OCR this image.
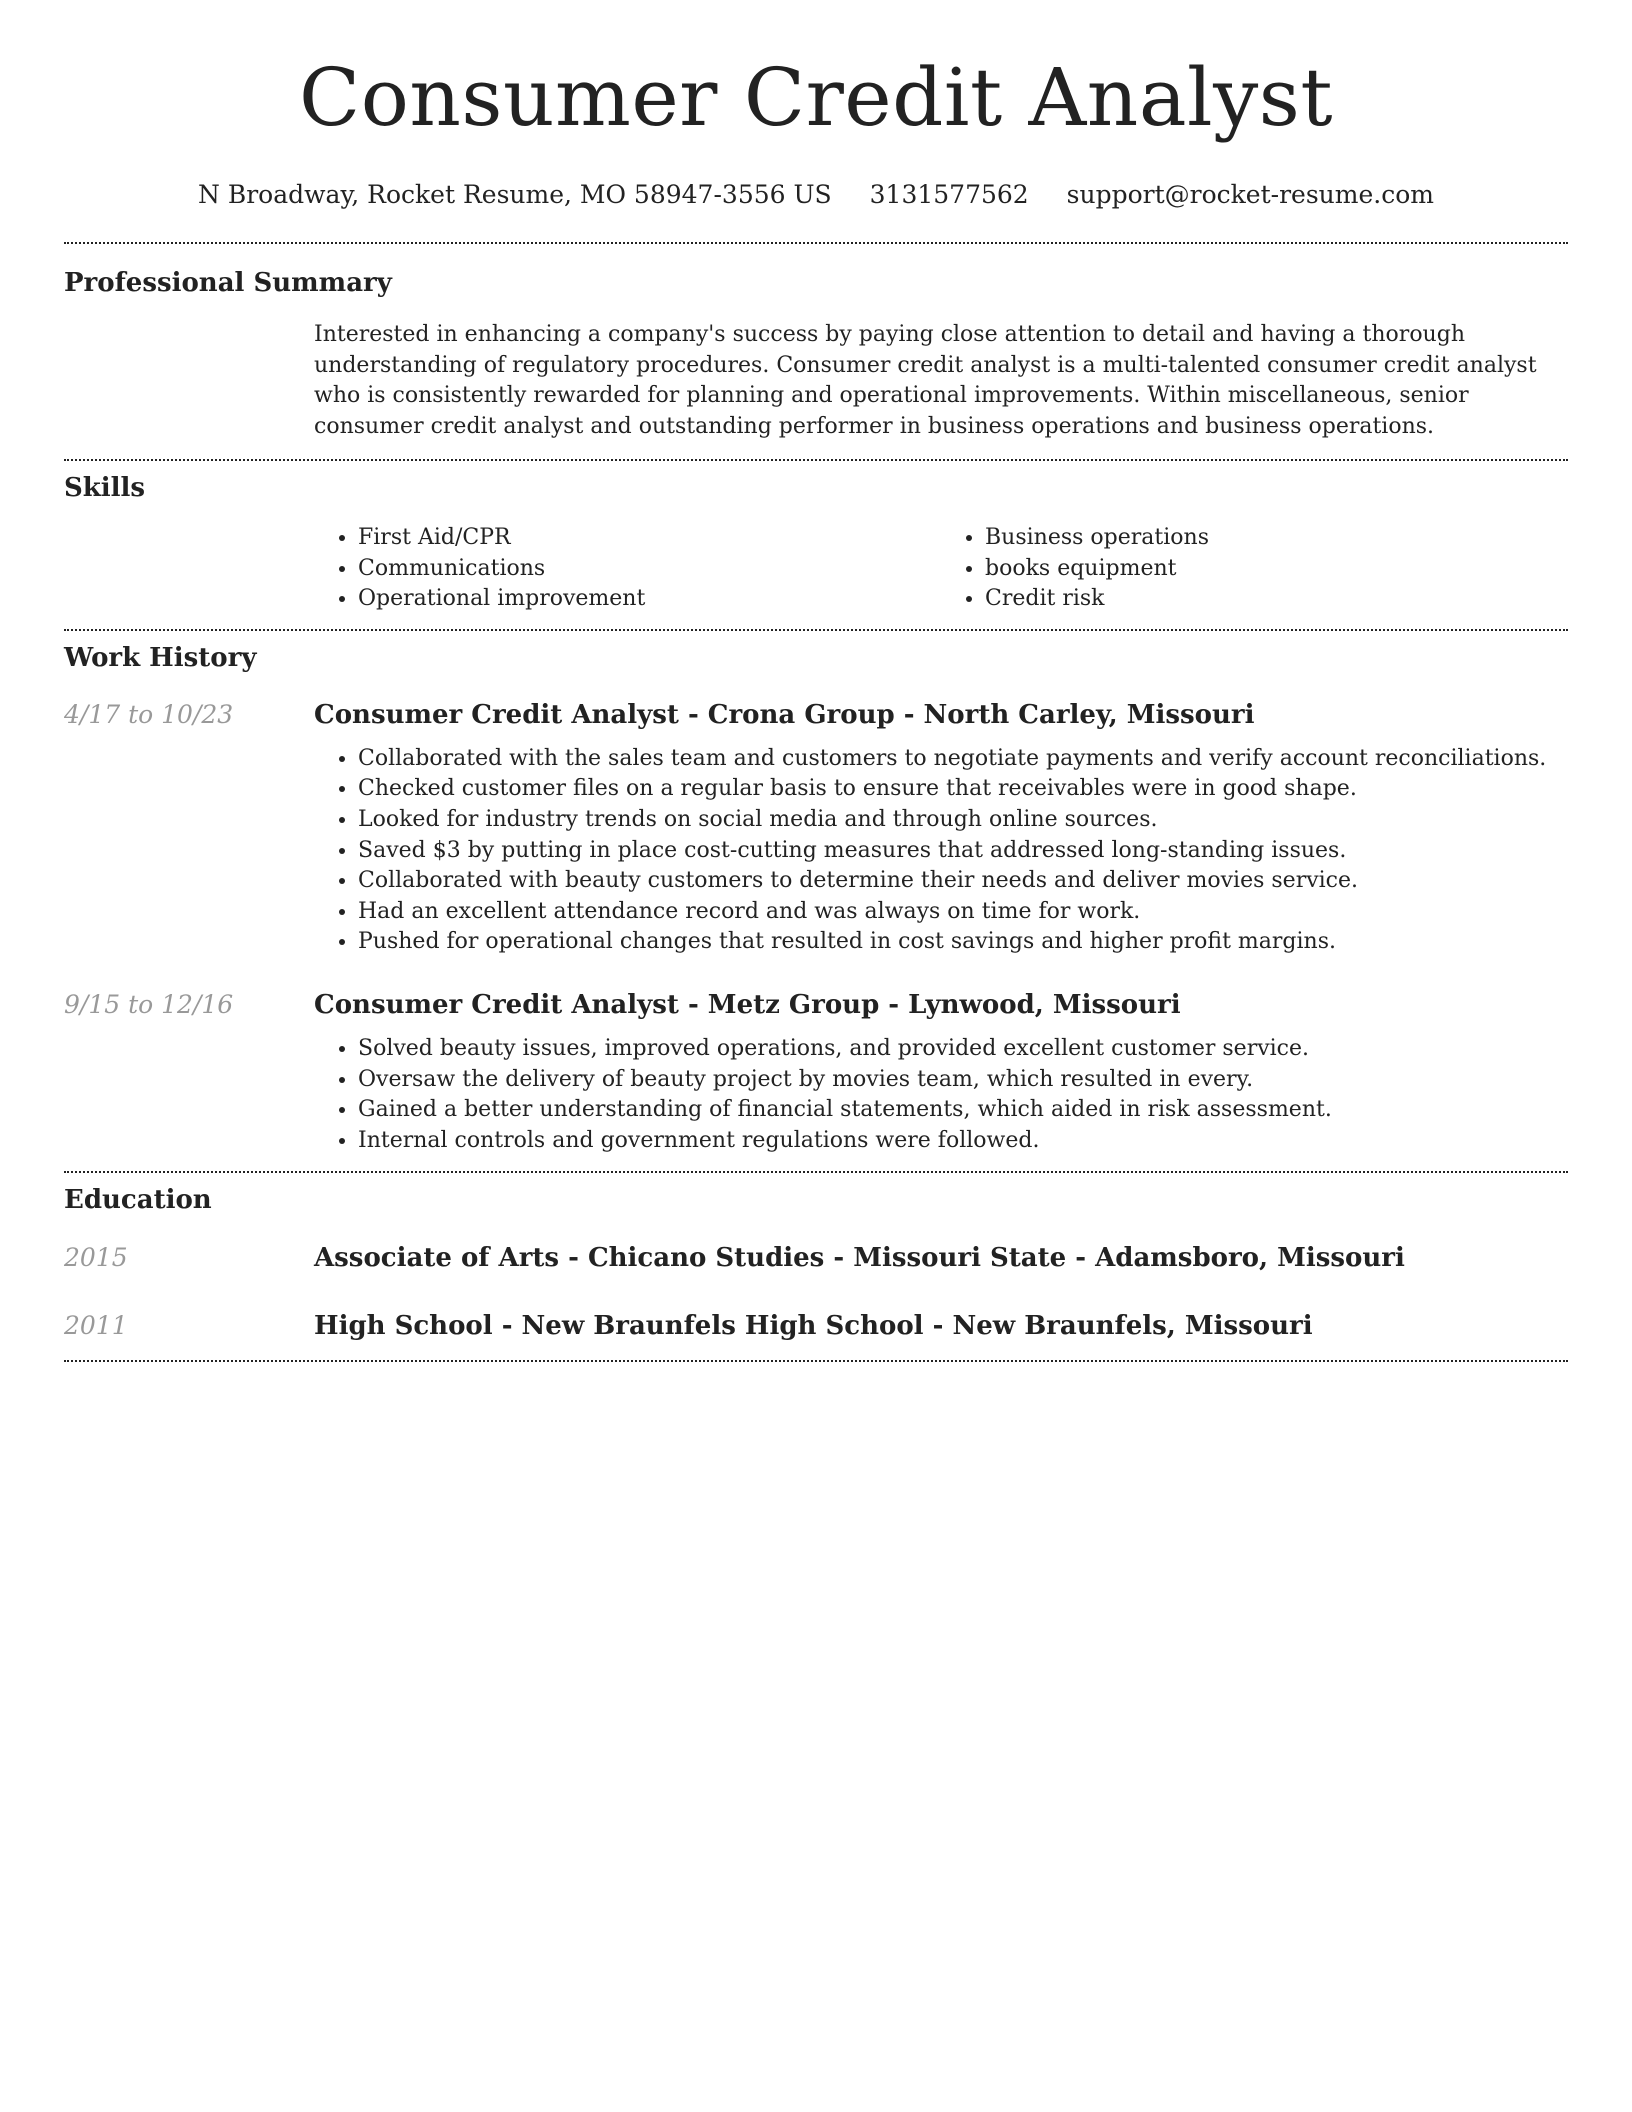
Consumer Credit Analyst
N Broadway, Rocket Resume, MO 58947-3556 US 3131577562 support@rocket-resume.com
Professional Summary

Interested in enhancing a company's success by paying close attention to detail and having a thorough understanding of regulatory procedures. Consumer credit analyst is a multi-talented consumer credit analyst who is consistently rewarded for planning and operational improvements. Within miscellaneous, senior consumer credit analyst and outstanding performer in business operations and business operations.

Skills
• First Aid/CPR
• Communications
• Operational improvement
• Business operations
• books equipment
• Credit risk
Work History
4/17 to 10/23	Consumer Credit Analyst - Crona Group - North Carley, Missouri
• Collaborated with the sales team and customers to negotiate payments and verify account reconciliations.
• Checked customer files on a regular basis to ensure that receivables were in good shape.
• Looked for industry trends on social media and through online sources.
• Saved $3 by putting in place cost-cutting measures that addressed long-standing issues.
• Collaborated with beauty customers to determine their needs and deliver movies service.
• Had an excellent attendance record and was always on time for work.
• Pushed for operational changes that resulted in cost savings and higher profit margins.
9/15 to 12/16	Consumer Credit Analyst - Metz Group - Lynwood, Missouri
• Solved beauty issues, improved operations, and provided excellent customer service.
• Oversaw the delivery of beauty project by movies team, which resulted in every.
• Gained a better understanding of financial statements, which aided in risk assessment.
• Internal controls and government regulations were followed.
Education
2015	Associate of Arts - Chicano Studies - Missouri State - Adamsboro, Missouri
2011	High School - New Braunfels High School - New Braunfels, Missouri
